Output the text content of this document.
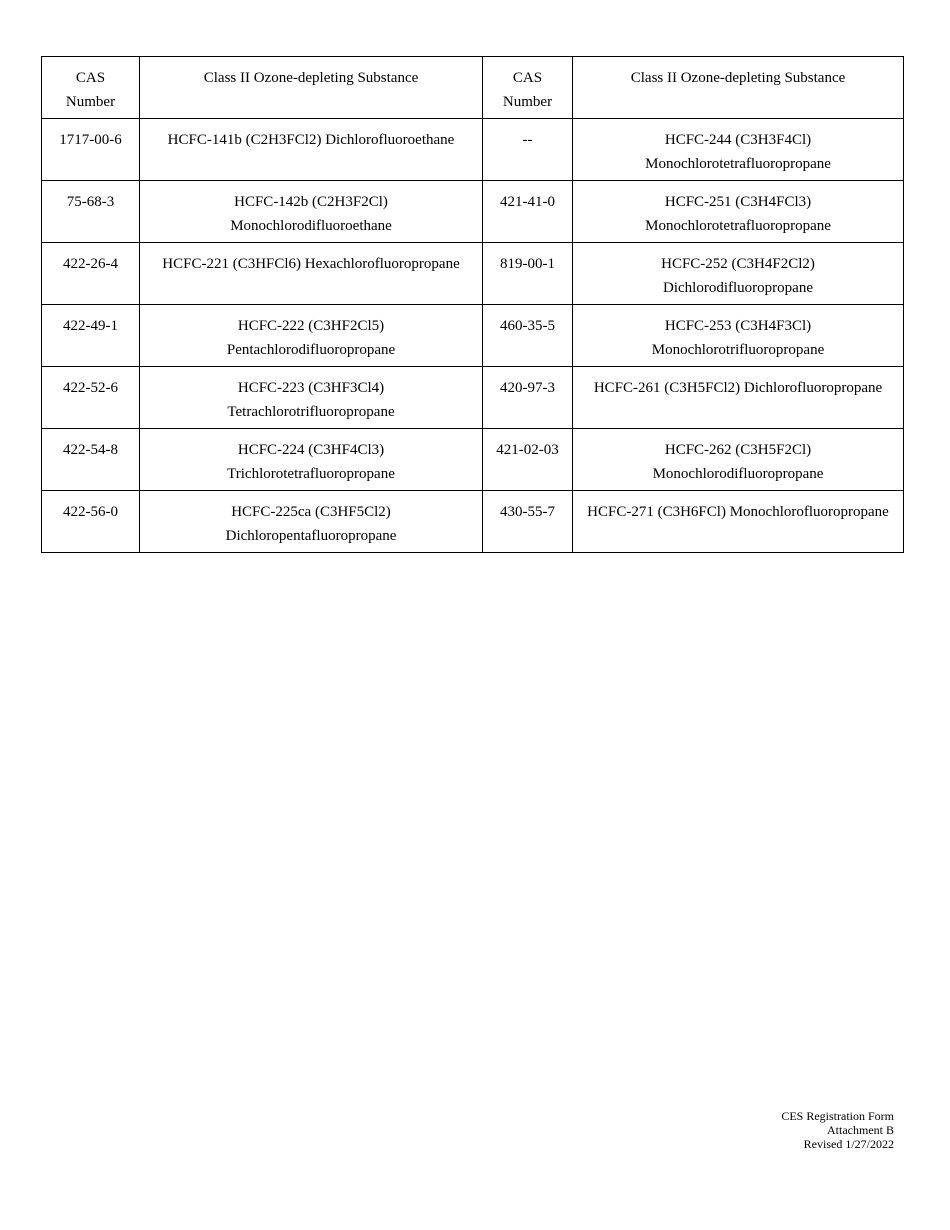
CAS
Number	Class II Ozone-depleting Substance	CAS
Number	Class II Ozone-depleting Substance

1717-00-6	HCFC-141b (C2H3FCl2) Dichlorofluoroethane	--	HCFC-244 (C3H3F4Cl)
Monochlorotetrafluoropropane

75-68-3	HCFC-142b (C2H3F2Cl)
Monochlorodifluoroethane	421-41-0	HCFC-251 (C3H4FCl3)
Monochlorotetrafluoropropane

422-26-4	HCFC-221 (C3HFCl6) Hexachlorofluoropropane	819-00-1	HCFC-252 (C3H4F2Cl2)
Dichlorodifluoropropane

422-49-1	HCFC-222 (C3HF2Cl5)
Pentachlorodifluoropropane	460-35-5	HCFC-253 (C3H4F3Cl)
Monochlorotrifluoropropane

422-52-6	HCFC-223 (C3HF3Cl4)
Tetrachlorotrifluoropropane	420-97-3	HCFC-261 (C3H5FCl2) Dichlorofluoropropane

422-54-8	HCFC-224 (C3HF4Cl3)
Trichlorotetrafluoropropane	421-02-03	HCFC-262 (C3H5F2Cl)
Monochlorodifluoropropane

422-56-0	HCFC-225ca (C3HF5Cl2)
Dichloropentafluoropropane	430-55-7	HCFC-271 (C3H6FCl) Monochlorofluoropropane
CES Registration Form
Attachment B
Revised 1/27/2022
